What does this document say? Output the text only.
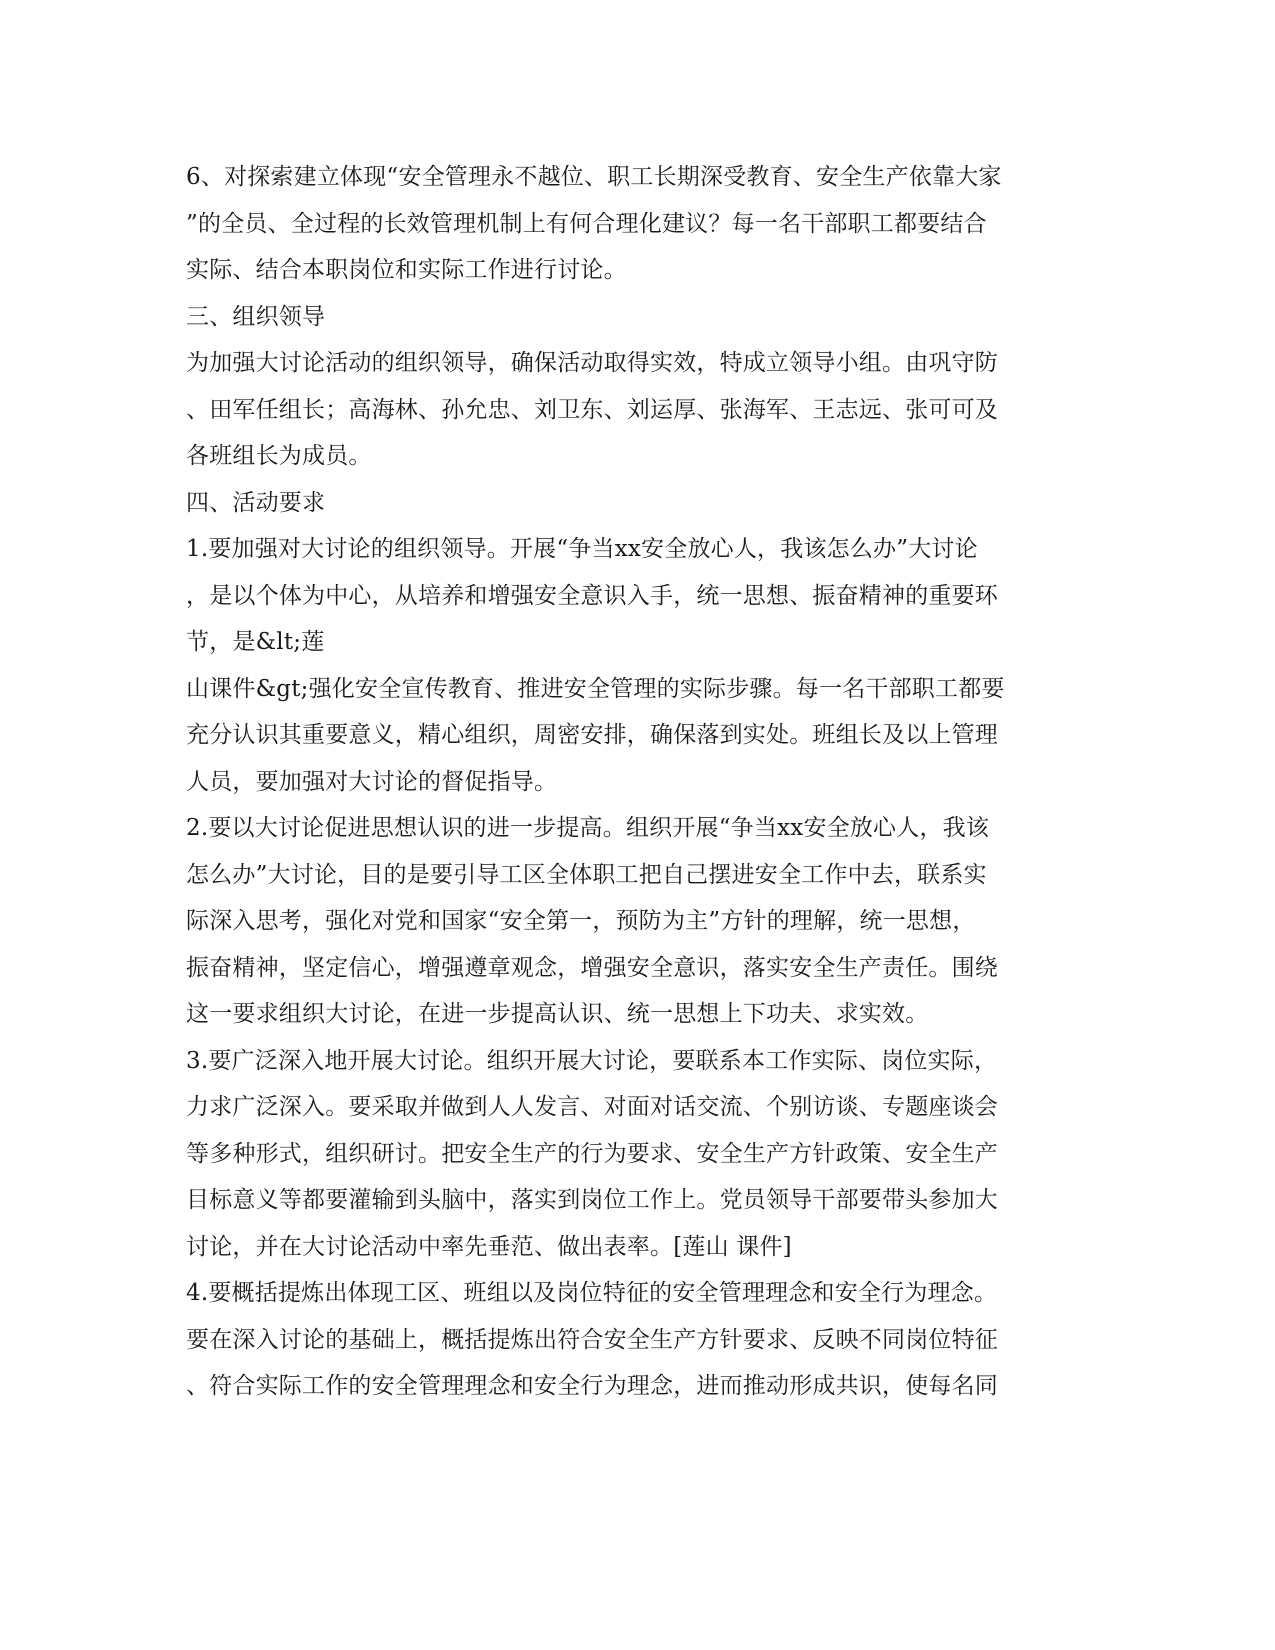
6、对探索建立体现“安全管理永不越位、职工长期深受教育、安全生产依靠大家
”的全员、全过程的长效管理机制上有何合理化建议？每一名干部职工都要结合
实际、结合本职岗位和实际工作进行讨论。
三、组织领导
为加强大讨论活动的组织领导，确保活动取得实效，特成立领导小组。由巩守防
、田军任组长；高海林、孙允忠、刘卫东、刘运厚、张海军、王志远、张可可及
各班组长为成员。
四、活动要求
1.要加强对大讨论的组织领导。开展“争当xx安全放心人，我该怎么办”大讨论
，是以个体为中心，从培养和增强安全意识入手，统一思想、振奋精神的重要环
节，是&lt;莲
山课件&gt;强化安全宣传教育、推进安全管理的实际步骤。每一名干部职工都要
充分认识其重要意义，精心组织，周密安排，确保落到实处。班组长及以上管理
人员，要加强对大讨论的督促指导。
2.要以大讨论促进思想认识的进一步提高。组织开展“争当xx安全放心人，我该
怎么办”大讨论，目的是要引导工区全体职工把自己摆进安全工作中去，联系实
际深入思考，强化对党和国家“安全第一，预防为主”方针的理解，统一思想，
振奋精神，坚定信心，增强遵章观念，增强安全意识，落实安全生产责任。围绕
这一要求组织大讨论，在进一步提高认识、统一思想上下功夫、求实效。
3.要广泛深入地开展大讨论。组织开展大讨论，要联系本工作实际、岗位实际，
力求广泛深入。要采取并做到人人发言、对面对话交流、个别访谈、专题座谈会
等多种形式，组织研讨。把安全生产的行为要求、安全生产方针政策、安全生产
目标意义等都要灌输到头脑中，落实到岗位工作上。党员领导干部要带头参加大
讨论，并在大讨论活动中率先垂范、做出表率。[莲山 课件]
4.要概括提炼出体现工区、班组以及岗位特征的安全管理理念和安全行为理念。
要在深入讨论的基础上，概括提炼出符合安全生产方针要求、反映不同岗位特征
、符合实际工作的安全管理理念和安全行为理念，进而推动形成共识，使每名同
